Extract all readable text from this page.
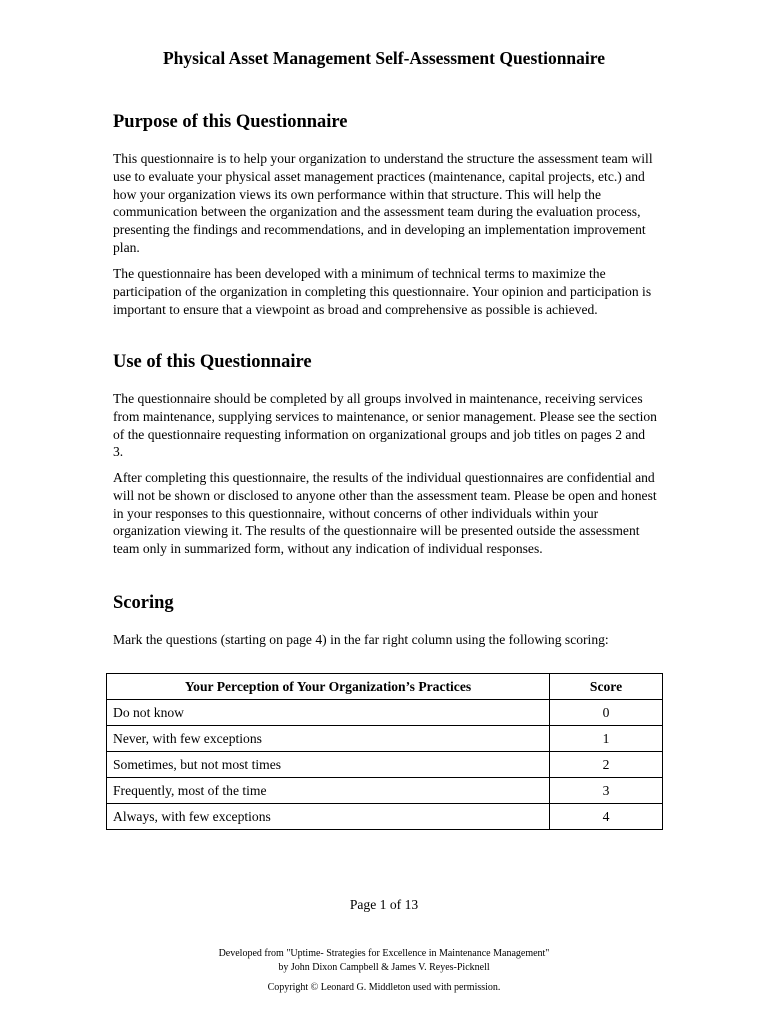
Physical Asset Management Self-Assessment Questionnaire
Purpose of this Questionnaire

This questionnaire is to help your organization to understand the structure the assessment team will use to evaluate your physical asset management practices (maintenance, capital projects, etc.) and how your organization views its own performance within that structure. This will help the communication between the organization and the assessment team during the evaluation process, presenting the findings and recommendations, and in developing an implementation improvement plan.

The questionnaire has been developed with a minimum of technical terms to maximize the participation of the organization in completing this questionnaire. Your opinion and participation is important to ensure that a viewpoint as broad and comprehensive as possible is achieved.

Use of this Questionnaire

The questionnaire should be completed by all groups involved in maintenance, receiving services from maintenance, supplying services to maintenance, or senior management. Please see the section of the questionnaire requesting information on organizational groups and job titles on pages 2 and 3.

After completing this questionnaire, the results of the individual questionnaires are confidential and will not be shown or disclosed to anyone other than the assessment team. Please be open and honest in your responses to this questionnaire, without concerns of other individuals within your organization viewing it. The results of the questionnaire will be presented outside the assessment team only in summarized form, without any indication of individual responses.

Scoring

Mark the questions (starting on page 4) in the far right column using the following scoring:

Your Perception of Your Organization’s Practices	Score
Do not know	0
Never, with few exceptions	1
Sometimes, but not most times	2
Frequently, most of the time	3
Always, with few exceptions	4

Page 1 of 13

Developed from "Uptime- Strategies for Excellence in Maintenance Management"

by John Dixon Campbell & James V. Reyes-Picknell

Copyright © Leonard G. Middleton used with permission.
